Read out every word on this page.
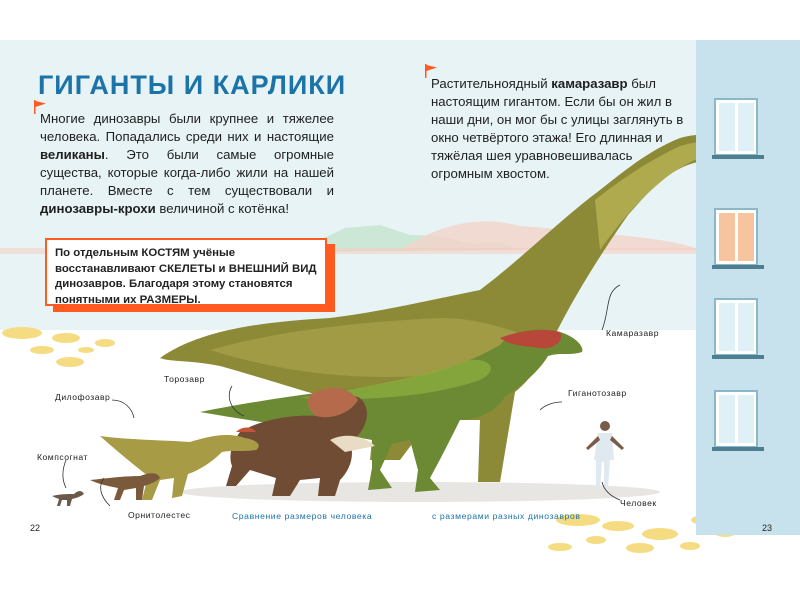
ГИГАНТЫ И КАРЛИКИ
Многие динозавры были крупнее и тяжелее человека. Попадались среди них и настоящие великаны. Это были самые огромные существа, которые когда-либо жили на нашей планете. Вместе с тем существовали и динозавры-крохи величиной с котёнка!
По отдельным КОСТЯМ учёные восстанавливают СКЕЛЕТЫ и ВНЕШНИЙ ВИД динозавров. Благодаря этому становятся понятными их РАЗМЕРЫ.
Растительноядный камаразавр был настоящим гигантом. Если бы он жил в наши дни, он мог бы с улицы заглянуть в окно четвёртого этажа! Его длинная и тяжёлая шея уравновешивалась огромным хвостом.
Камаразавр
Торозавр
Дилофозавр	Гиганотозавр
Компсогнат
Орнитолестес
Человек
Сравнение размеров человека	с размерами разных динозавров
22	23
